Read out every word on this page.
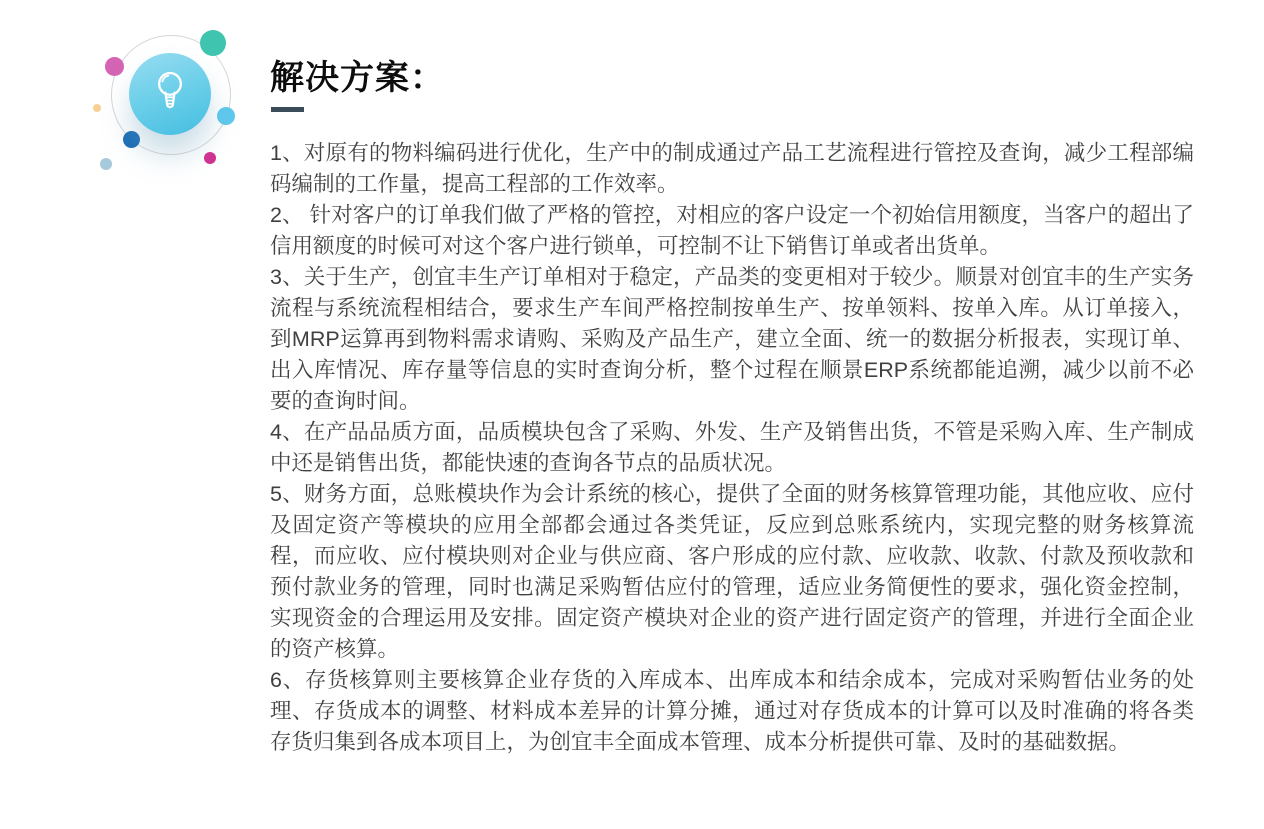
解决方案：

1、对原有的物料编码进行优化，生产中的制成通过产品工艺流程进行管控及查询，减少工程部编码编制的工作量，提高工程部的工作效率。

2、 针对客户的订单我们做了严格的管控，对相应的客户设定一个初始信用额度，当客户的超出了信用额度的时候可对这个客户进行锁单，可控制不让下销售订单或者出货单。

3、关于生产，创宜丰生产订单相对于稳定，产品类的变更相对于较少。顺景对创宜丰的生产实务流程与系统流程相结合，要求生产车间严格控制按单生产、按单领料、按单入库。从订单接入，到MRP运算再到物料需求请购、采购及产品生产，建立全面、统一的数据分析报表，实现订单、出入库情况、库存量等信息的实时查询分析，整个过程在顺景ERP系统都能追溯，减少以前不必要的查询时间。

4、在产品品质方面，品质模块包含了采购、外发、生产及销售出货，不管是采购入库、生产制成中还是销售出货，都能快速的查询各节点的品质状况。

5、财务方面，总账模块作为会计系统的核心，提供了全面的财务核算管理功能，其他应收、应付及固定资产等模块的应用全部都会通过各类凭证，反应到总账系统内，实现完整的财务核算流程，而应收、应付模块则对企业与供应商、客户形成的应付款、应收款、收款、付款及预收款和预付款业务的管理，同时也满足采购暂估应付的管理，适应业务简便性的要求，强化资金控制，实现资金的合理运用及安排。固定资产模块对企业的资产进行固定资产的管理，并进行全面企业的资产核算。

6、存货核算则主要核算企业存货的入库成本、出库成本和结余成本，完成对采购暂估业务的处理、存货成本的调整、材料成本差异的计算分摊，通过对存货成本的计算可以及时准确的将各类存货归集到各成本项目上，为创宜丰全面成本管理、成本分析提供可靠、及时的基础数据。
